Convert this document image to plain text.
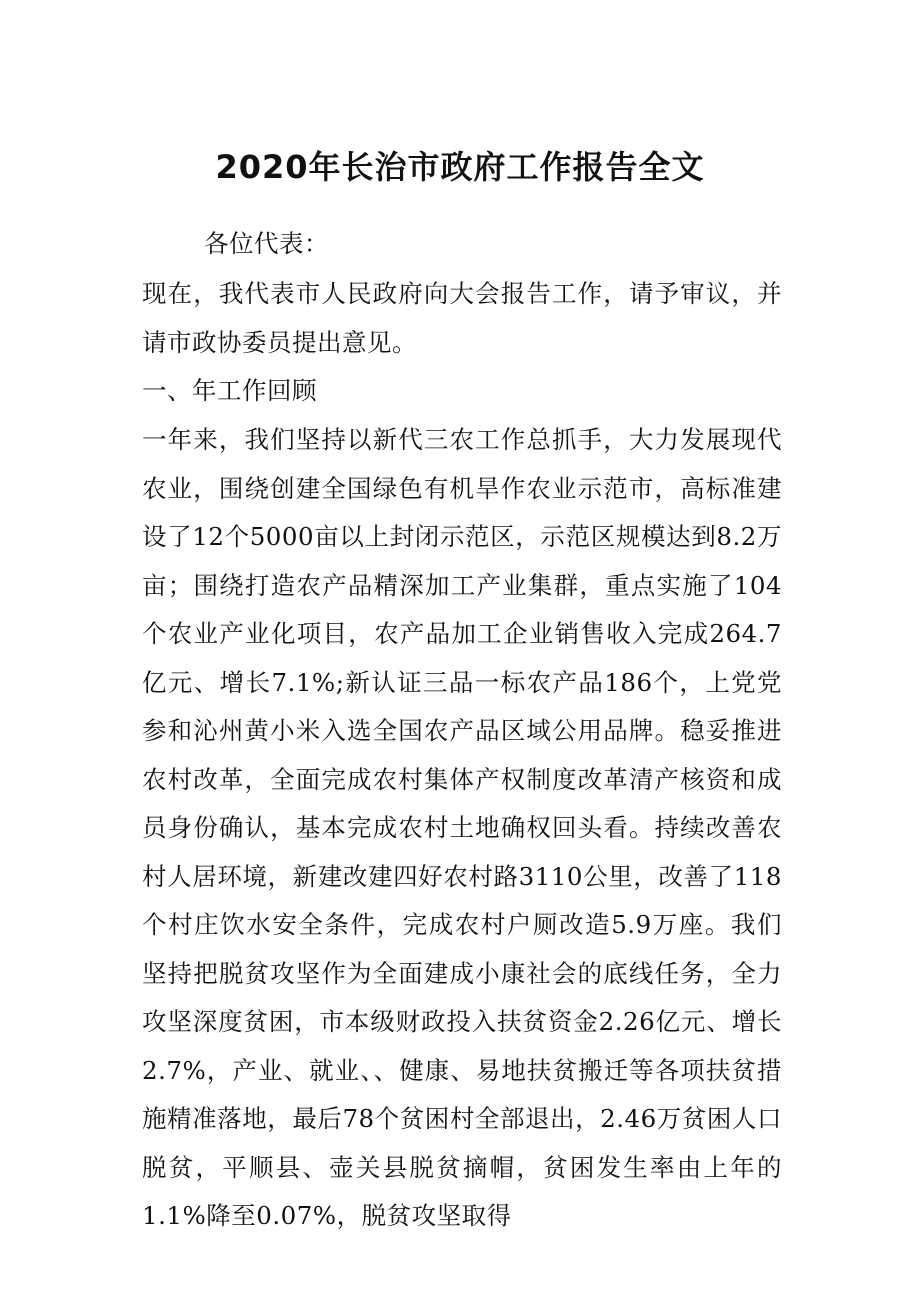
2020年长治市政府工作报告全文

各位代表：

现在，我代表市人民政府向大会报告工作，请予审议，并请市政协委员提出意见。

一、年工作回顾

一年来，我们坚持以新代三农工作总抓手，大力发展现代农业，围绕创建全国绿色有机旱作农业示范市，高标准建设了12个5000亩以上封闭示范区，示范区规模达到8.2万亩；围绕打造农产品精深加工产业集群，重点实施了104个农业产业化项目，农产品加工企业销售收入完成264.7亿元、增长7.1%;新认证三品一标农产品186个，上党党参和沁州黄小米入选全国农产品区域公用品牌。稳妥推进农村改革，全面完成农村集体产权制度改革清产核资和成员身份确认，基本完成农村土地确权回头看。持续改善农村人居环境，新建改建四好农村路3110公里，改善了118个村庄饮水安全条件，完成农村户厕改造5.9万座。我们坚持把脱贫攻坚作为全面建成小康社会的底线任务，全力攻坚深度贫困，市本级财政投入扶贫资金2.26亿元、增长2.7%，产业、就业、、健康、易地扶贫搬迁等各项扶贫措施精准落地，最后78个贫困村全部退出，2.46万贫困人口脱贫，平顺县、壶关县脱贫摘帽，贫困发生率由上年的1.1%降至0.07%，脱贫攻坚取得
